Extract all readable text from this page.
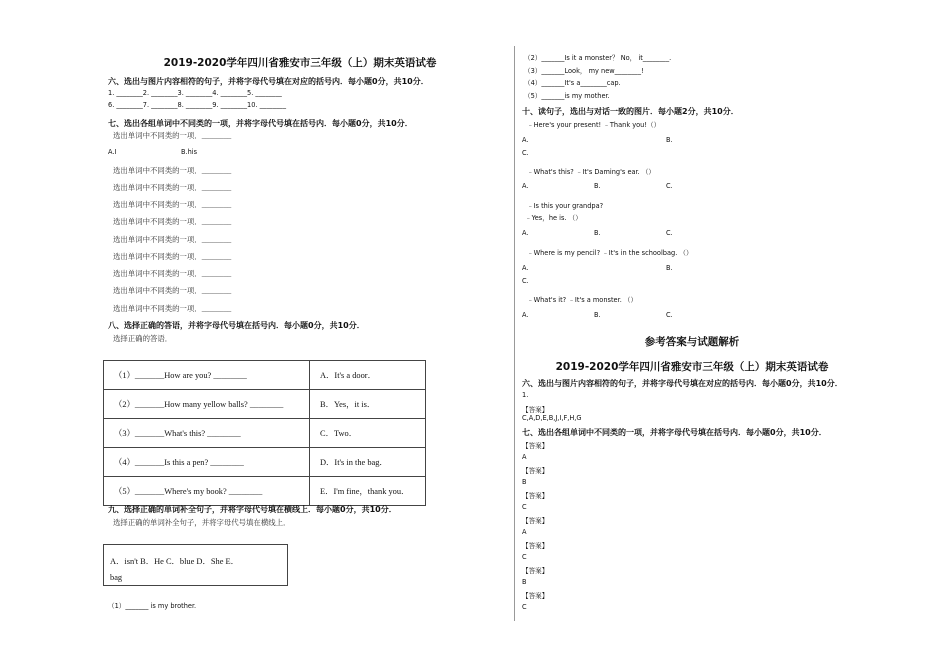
2019-2020学年四川省雅安市三年级（上）期末英语试卷
六、选出与图片内容相符的句子，并将字母代号填在对应的括号内．每小题0分，共10分．
1. ________2. ________3. ________4. ________5. ________
6. ________7. ________8. ________9. ________10. ________
七、选出各组单词中不同类的一项，并将字母代号填在括号内．每小题0分，共10分．
选出单词中不同类的一项．________
A.I	B.his
选出单词中不同类的一项．________
选出单词中不同类的一项．________
选出单词中不同类的一项．________
选出单词中不同类的一项．________
选出单词中不同类的一项．________
选出单词中不同类的一项．________
选出单词中不同类的一项．________
选出单词中不同类的一项．________
选出单词中不同类的一项．________
八、选择正确的答语，并将字母代号填在括号内．每小题0分，共10分．
选择正确的答语．
（1）_______How are you? ________	A．It's a door．
（2）_______How many yellow balls? ________	B．Yes，it is．
（3）_______What's this? ________	C．Two．
（4）_______Is this a pen? ________	D．It's in the bag．
（5）_______Where's my book? ________	E．I'm fine，thank you．
九、选择正确的单词补全句子，并将字母代号填在横线上．每小题0分，共10分．
选择正确的单词补全句子，并将字母代号填在横线上．
A．isn't B．He C．blue D．She E．
bag
（1）_______ is my brother.
（2）_______Is it a monster？ No， it________.
（3）_______Look， my new________!
（4）_______It's a________cap.
（5）_______is my mother.
十、读句子，选出与对话一致的图片．每小题2分，共10分．
﹣Here's your present! ﹣Thank you!（）
A.	B.
C.
﹣What's this? ﹣It's Daming's ear. （）
A.	B.	C.
﹣Is this your grandpa?
﹣Yes，he is. （）
A.	B.	C.
﹣Where is my pencil? ﹣It's in the schoolbag. （）
A.	B.
C.
﹣What's it? ﹣It's a monster. （）
A.	B.	C.
参考答案与试题解析
2019-2020学年四川省雅安市三年级（上）期末英语试卷
六、选出与图片内容相符的句子，并将字母代号填在对应的括号内．每小题0分，共10分．
1.
【答案】
C,A,D,E,B,J,I,F,H,G
七、选出各组单词中不同类的一项，并将字母代号填在括号内．每小题0分，共10分．
【答案】
A
【答案】
B
【答案】
C
【答案】
A
【答案】
C
【答案】
B
【答案】
C
